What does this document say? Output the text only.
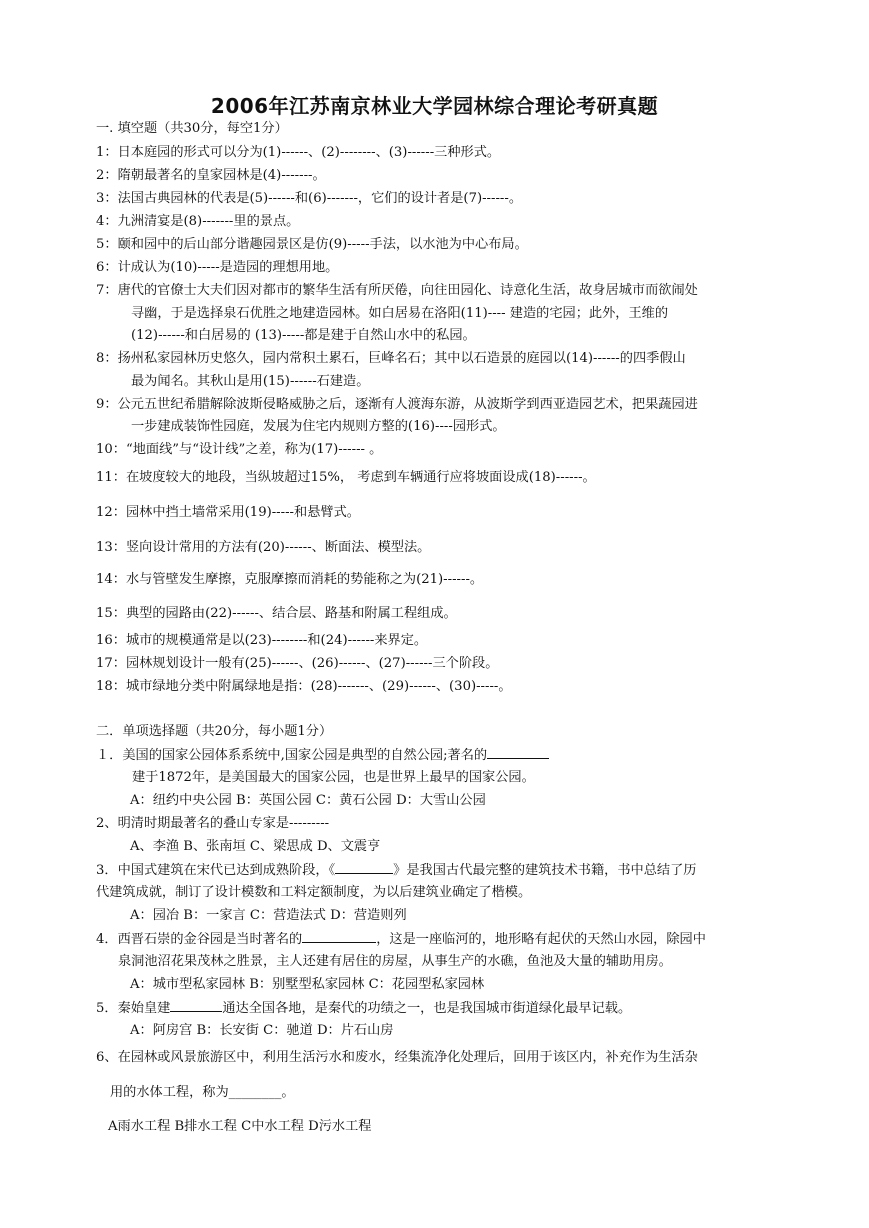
2006年江苏南京林业大学园林综合理论考研真题
一. 填空题（共30分，每空1分）
1：日本庭园的形式可以分为(1)------、(2)--------、(3)------三种形式。
2：隋朝最著名的皇家园林是(4)-------。
3：法国古典园林的代表是(5)------和(6)-------，它们的设计者是(7)------。
4：九洲清宴是(8)-------里的景点。
5：颐和园中的后山部分谐趣园景区是仿(9)-----手法，以水池为中心布局。
6：计成认为(10)-----是造园的理想用地。
7：唐代的官僚士大夫们因对都市的繁华生活有所厌倦，向往田园化、诗意化生活，故身居城市而欲闹处
寻幽，于是选择泉石优胜之地建造园林。如白居易在洛阳(11)---- 建造的宅园；此外，王维的
(12)------和白居易的 (13)-----都是建于自然山水中的私园。
8：扬州私家园林历史悠久，园内常积土累石，巨峰名石；其中以石造景的庭园以(14)------的四季假山
最为闻名。其秋山是用(15)------石建造。
9：公元五世纪希腊解除波斯侵略威胁之后，逐渐有人渡海东游，从波斯学到西亚造园艺术，把果蔬园进
一步建成装饰性园庭，发展为住宅内规则方整的(16)----园形式。
10：“地面线”与“设计线”之差，称为(17)------ 。
11：在坡度较大的地段，当纵坡超过15%， 考虑到车辆通行应将坡面设成(18)------。
12：园林中挡土墙常采用(19)-----和悬臂式。
13：竖向设计常用的方法有(20)------、断面法、模型法。
14：水与管壁发生摩擦，克服摩擦而消耗的势能称之为(21)------。
15：典型的园路由(22)------、结合层、路基和附属工程组成。
16：城市的规模通常是以(23)--------和(24)------来界定。
17：园林规划设计一般有(25)------、(26)------、(27)------三个阶段。
18：城市绿地分类中附属绿地是指：(28)-------、(29)------、(30)-----。
二．单项选择题（共20分，每小题1分）
１．美国的国家公园体系系统中,国家公园是典型的自然公园;著名的
建于1872年，是美国最大的国家公园，也是世界上最早的国家公园。
A：纽约中央公园 B：英国公园 C：黄石公园 D：大雪山公园
2、明清时期最著名的叠山专家是---------
A、李渔 B、张南垣 C、梁思成 D、文震亨
3．中国式建筑在宋代已达到成熟阶段，《	》是我国古代最完整的建筑技术书籍，书中总结了历
代建筑成就，制订了设计模数和工料定额制度，为以后建筑业确定了楷模。
A：园冶 B：一家言 C：营造法式 D：营造则列
4．西晋石崇的金谷园是当时著名的	，这是一座临河的，地形略有起伏的天然山水园，除园中
泉洞池沼花果茂林之胜景，主人还建有居住的房屋，从事生产的水礁，鱼池及大量的辅助用房。
A：城市型私家园林 B：别墅型私家园林 C：花园型私家园林
5．秦始皇建	通达全国各地，是秦代的功绩之一，也是我国城市街道绿化最早记载。
A：阿房宫 B：长安街 C：驰道 D：片石山房
6、在园林或风景旅游区中，利用生活污水和废水，经集流净化处理后，回用于该区内，补充作为生活杂
用的水体工程，称为________。
A雨水工程 B排水工程 C中水工程 D污水工程
